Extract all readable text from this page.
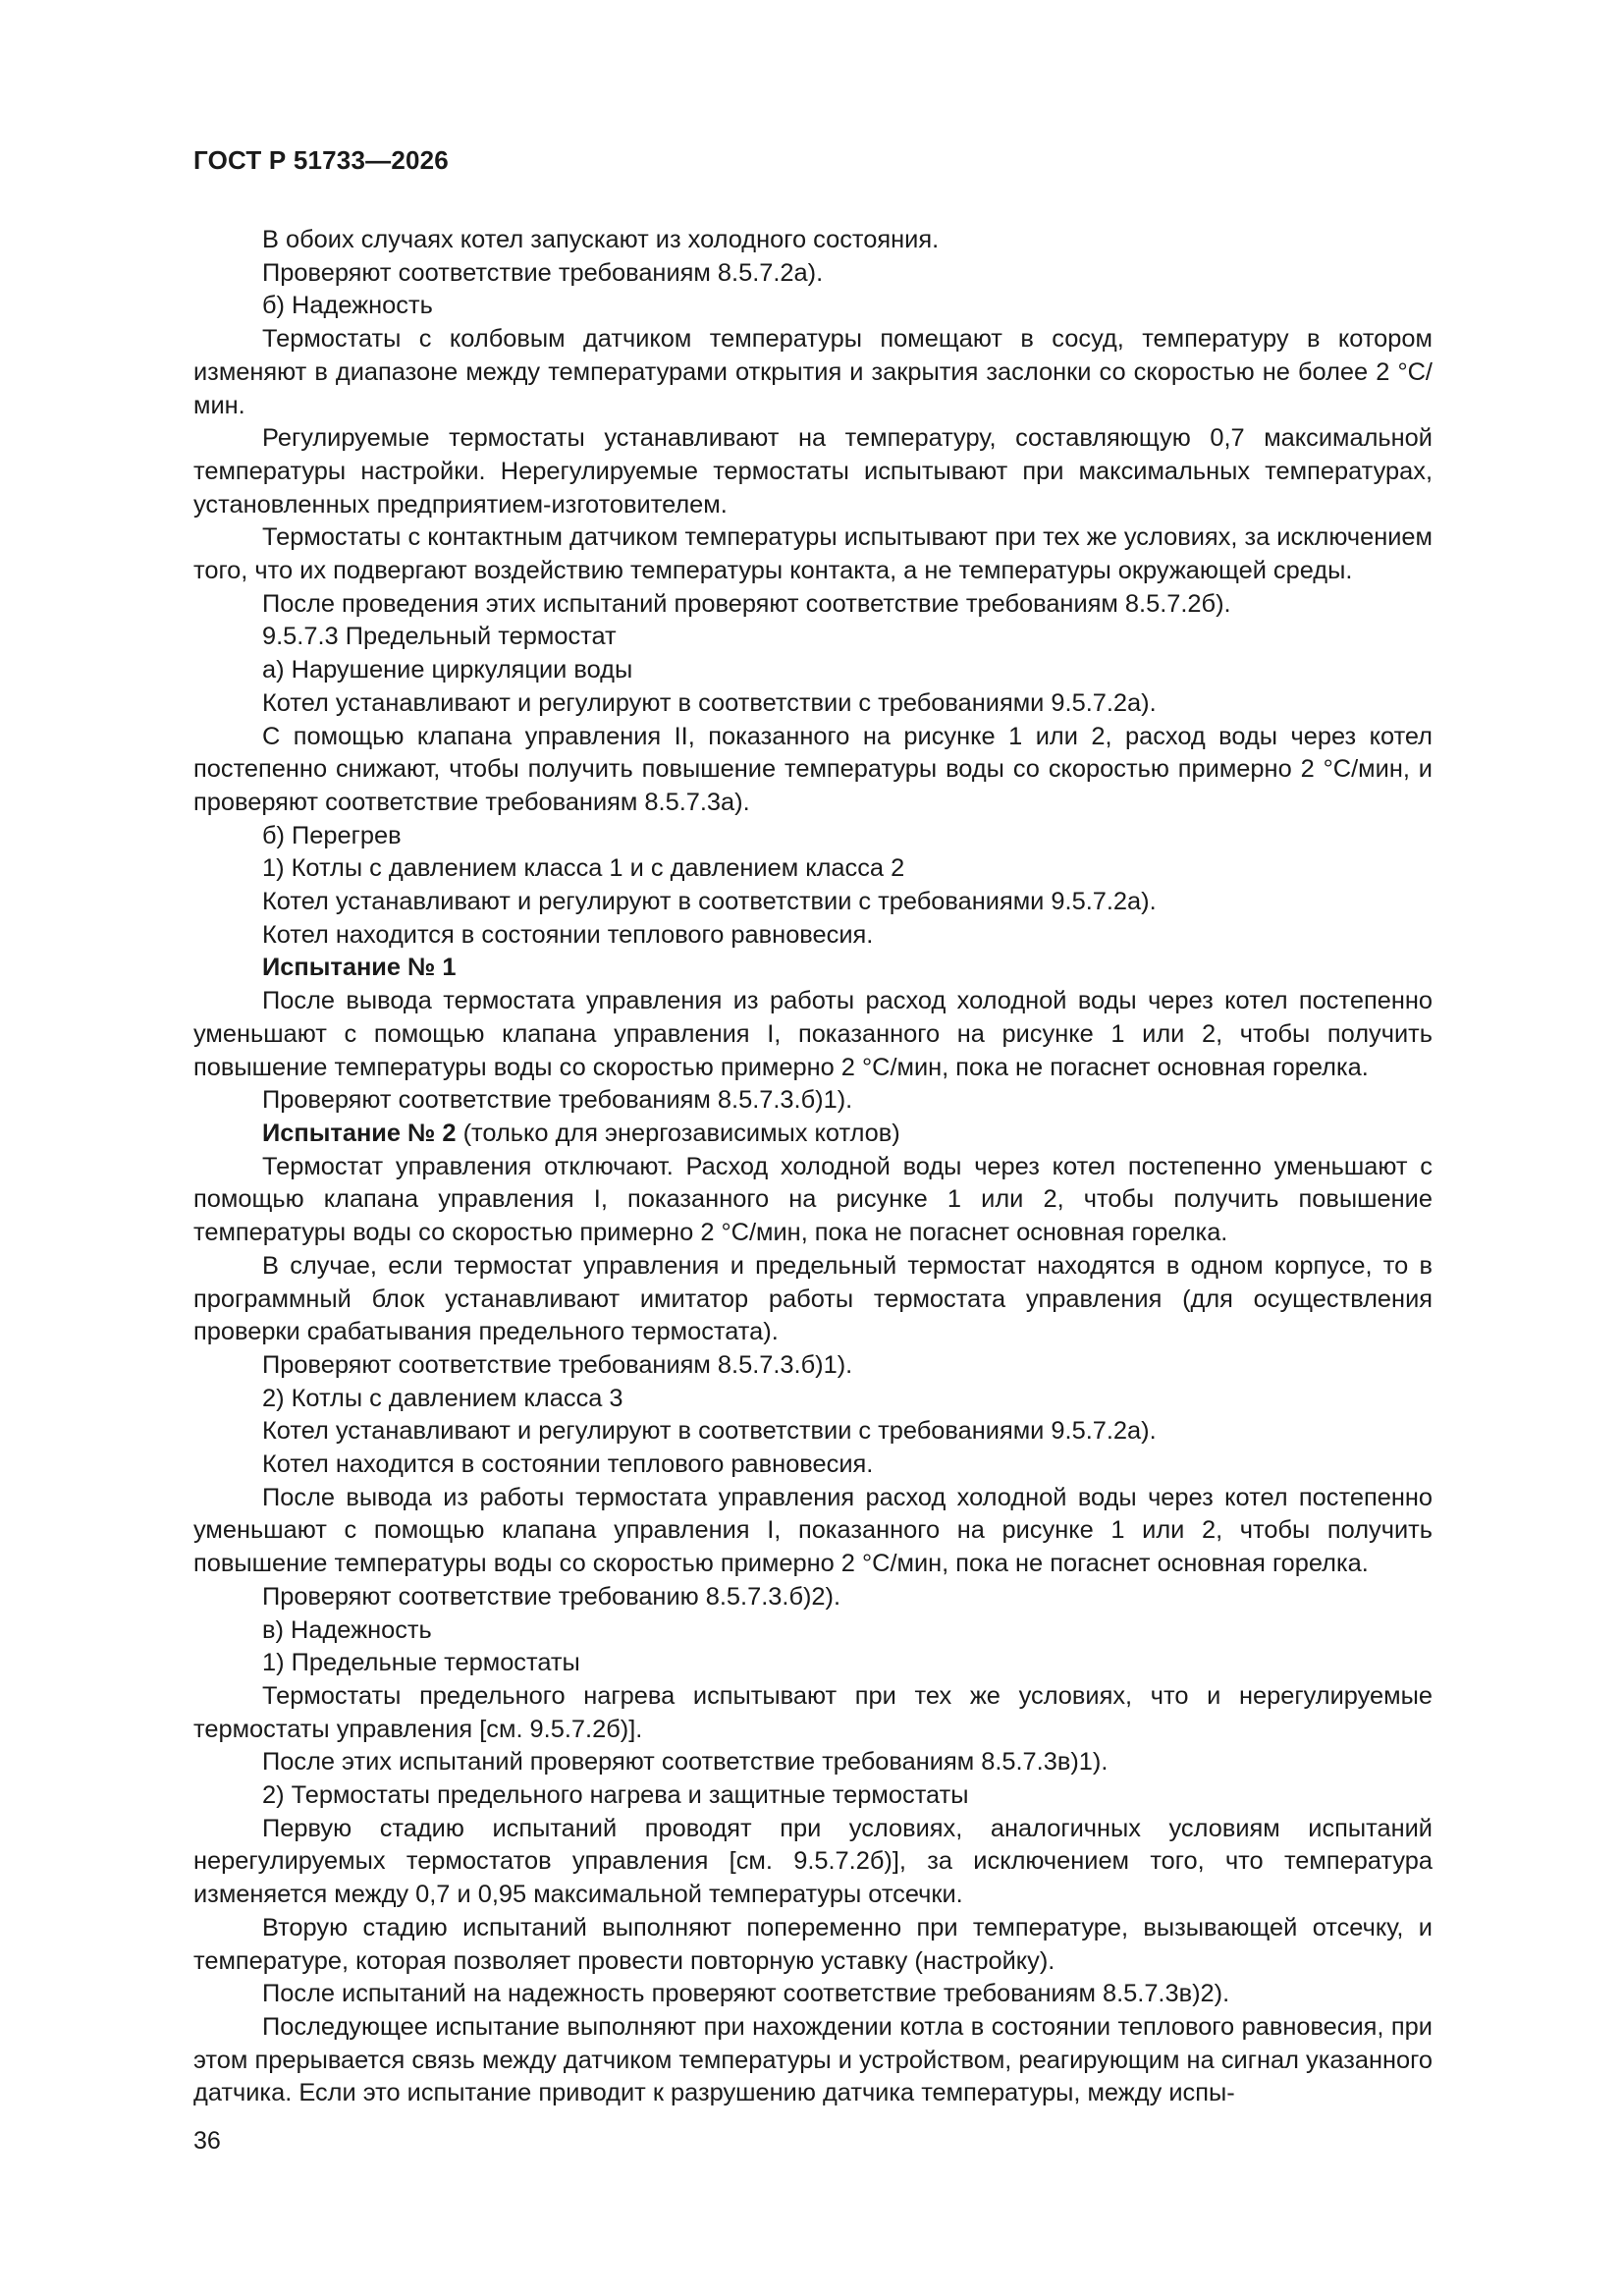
ГОСТ Р 51733—2026

В обоих случаях котел запускают из холодного состояния.

Проверяют соответствие требованиям 8.5.7.2а).

б) Надежность

Термостаты с колбовым датчиком температуры помещают в сосуд, температуру в котором изменяют в диапазоне между температурами открытия и закрытия заслонки со скоростью не более 2 °С/мин.

Регулируемые термостаты устанавливают на температуру, составляющую 0,7 максимальной температуры настройки. Нерегулируемые термостаты испытывают при максимальных температурах, установленных предприятием-изготовителем.

Термостаты с контактным датчиком температуры испытывают при тех же условиях, за исключением того, что их подвергают воздействию температуры контакта, а не температуры окружающей среды.

После проведения этих испытаний проверяют соответствие требованиям 8.5.7.2б).

9.5.7.3 Предельный термостат

а) Нарушение циркуляции воды

Котел устанавливают и регулируют в соответствии с требованиями 9.5.7.2а).

С помощью клапана управления II, показанного на рисунке 1 или 2, расход воды через котел постепенно снижают, чтобы получить повышение температуры воды со скоростью примерно 2 °С/мин, и проверяют соответствие требованиям 8.5.7.3а).

б) Перегрев

1) Котлы с давлением класса 1 и с давлением класса 2

Котел устанавливают и регулируют в соответствии с требованиями 9.5.7.2а).

Котел находится в состоянии теплового равновесия.

Испытание № 1

После вывода термостата управления из работы расход холодной воды через котел постепенно уменьшают с помощью клапана управления I, показанного на рисунке 1 или 2, чтобы получить повышение температуры воды со скоростью примерно 2 °С/мин, пока не погаснет основная горелка.

Проверяют соответствие требованиям 8.5.7.3.б)1).

Испытание № 2 (только для энергозависимых котлов)

Термостат управления отключают. Расход холодной воды через котел постепенно уменьшают с помощью клапана управления I, показанного на рисунке 1 или 2, чтобы получить повышение температуры воды со скоростью примерно 2 °С/мин, пока не погаснет основная горелка.

В случае, если термостат управления и предельный термостат находятся в одном корпусе, то в программный блок устанавливают имитатор работы термостата управления (для осуществления проверки срабатывания предельного термостата).

Проверяют соответствие требованиям 8.5.7.3.б)1).

2) Котлы с давлением класса 3

Котел устанавливают и регулируют в соответствии с требованиями 9.5.7.2а).

Котел находится в состоянии теплового равновесия.

После вывода из работы термостата управления расход холодной воды через котел постепенно уменьшают с помощью клапана управления I, показанного на рисунке 1 или 2, чтобы получить повышение температуры воды со скоростью примерно 2 °С/мин, пока не погаснет основная горелка.

Проверяют соответствие требованию 8.5.7.3.б)2).

в) Надежность

1) Предельные термостаты

Термостаты предельного нагрева испытывают при тех же условиях, что и нерегулируемые термостаты управления [см. 9.5.7.2б)].

После этих испытаний проверяют соответствие требованиям 8.5.7.3в)1).

2) Термостаты предельного нагрева и защитные термостаты

Первую стадию испытаний проводят при условиях, аналогичных условиям испытаний нерегулируемых термостатов управления [см. 9.5.7.2б)], за исключением того, что температура изменяется между 0,7 и 0,95 максимальной температуры отсечки.

Вторую стадию испытаний выполняют попеременно при температуре, вызывающей отсечку, и температуре, которая позволяет провести повторную уставку (настройку).

После испытаний на надежность проверяют соответствие требованиям 8.5.7.3в)2).

Последующее испытание выполняют при нахождении котла в состоянии теплового равновесия, при этом прерывается связь между датчиком температуры и устройством, реагирующим на сигнал указанного датчика. Если это испытание приводит к разрушению датчика температуры, между испы-

36
